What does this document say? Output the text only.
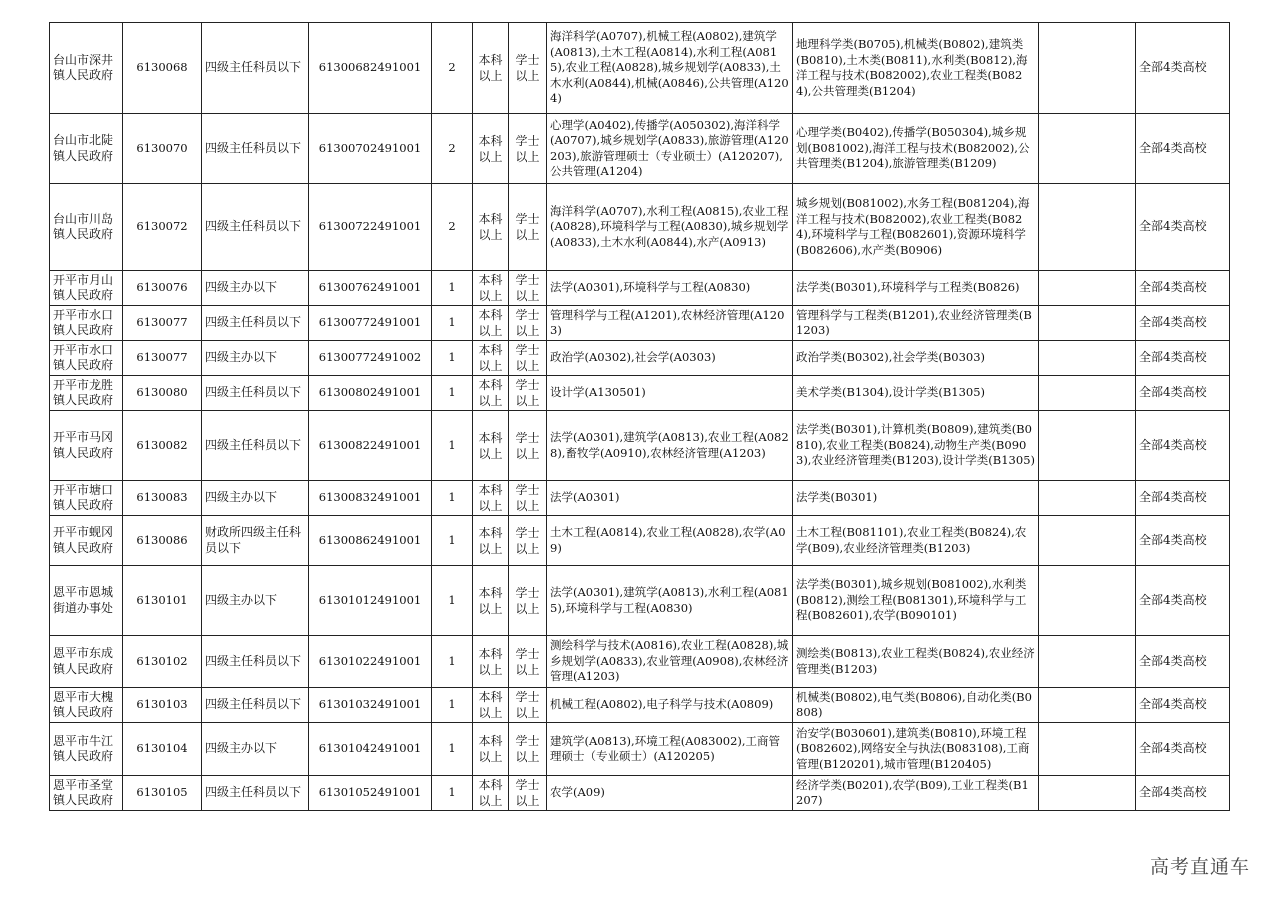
台山市深井镇人民政府	6130068	四级主任科员以下	61300682491001	2	本科以上	学士以上	海洋科学(A0707),机械工程(A0802),建筑学(A0813),土木工程(A0814),水利工程(A0815),农业工程(A0828),城乡规划学(A0833),土木水利(A0844),机械(A0846),公共管理(A1204)	地理科学类(B0705),机械类(B0802),建筑类(B0810),土木类(B0811),水利类(B0812),海洋工程与技术(B082002),农业工程类(B0824),公共管理类(B1204)		全部4类高校
台山市北陡镇人民政府	6130070	四级主任科员以下	61300702491001	2	本科以上	学士以上	心理学(A0402),传播学(A050302),海洋科学(A0707),城乡规划学(A0833),旅游管理(A120203),旅游管理硕士（专业硕士）(A120207),公共管理(A1204)	心理学类(B0402),传播学(B050304),城乡规划(B081002),海洋工程与技术(B082002),公共管理类(B1204),旅游管理类(B1209)		全部4类高校
台山市川岛镇人民政府	6130072	四级主任科员以下	61300722491001	2	本科以上	学士以上	海洋科学(A0707),水利工程(A0815),农业工程(A0828),环境科学与工程(A0830),城乡规划学(A0833),土木水利(A0844),水产(A0913)	城乡规划(B081002),水务工程(B081204),海洋工程与技术(B082002),农业工程类(B0824),环境科学与工程(B082601),资源环境科学(B082606),水产类(B0906)		全部4类高校
开平市月山镇人民政府	6130076	四级主办以下	61300762491001	1	本科以上	学士以上	法学(A0301),环境科学与工程(A0830)	法学类(B0301),环境科学与工程类(B0826)		全部4类高校
开平市水口镇人民政府	6130077	四级主任科员以下	61300772491001	1	本科以上	学士以上	管理科学与工程(A1201),农林经济管理(A1203)	管理科学与工程类(B1201),农业经济管理类(B1203)		全部4类高校
开平市水口镇人民政府	6130077	四级主办以下	61300772491002	1	本科以上	学士以上	政治学(A0302),社会学(A0303)	政治学类(B0302),社会学类(B0303)		全部4类高校
开平市龙胜镇人民政府	6130080	四级主任科员以下	61300802491001	1	本科以上	学士以上	设计学(A130501)	美术学类(B1304),设计学类(B1305)		全部4类高校
开平市马冈镇人民政府	6130082	四级主任科员以下	61300822491001	1	本科以上	学士以上	法学(A0301),建筑学(A0813),农业工程(A0828),畜牧学(A0910),农林经济管理(A1203)	法学类(B0301),计算机类(B0809),建筑类(B0810),农业工程类(B0824),动物生产类(B0903),农业经济管理类(B1203),设计学类(B1305)		全部4类高校
开平市塘口镇人民政府	6130083	四级主办以下	61300832491001	1	本科以上	学士以上	法学(A0301)	法学类(B0301)		全部4类高校
开平市蚬冈镇人民政府	6130086	财政所四级主任科员以下	61300862491001	1	本科以上	学士以上	土木工程(A0814),农业工程(A0828),农学(A09)	土木工程(B081101),农业工程类(B0824),农学(B09),农业经济管理类(B1203)		全部4类高校
恩平市恩城街道办事处	6130101	四级主办以下	61301012491001	1	本科以上	学士以上	法学(A0301),建筑学(A0813),水利工程(A0815),环境科学与工程(A0830)	法学类(B0301),城乡规划(B081002),水利类(B0812),测绘工程(B081301),环境科学与工程(B082601),农学(B090101)		全部4类高校
恩平市东成镇人民政府	6130102	四级主任科员以下	61301022491001	1	本科以上	学士以上	测绘科学与技术(A0816),农业工程(A0828),城乡规划学(A0833),农业管理(A0908),农林经济管理(A1203)	测绘类(B0813),农业工程类(B0824),农业经济管理类(B1203)		全部4类高校
恩平市大槐镇人民政府	6130103	四级主任科员以下	61301032491001	1	本科以上	学士以上	机械工程(A0802),电子科学与技术(A0809)	机械类(B0802),电气类(B0806),自动化类(B0808)		全部4类高校
恩平市牛江镇人民政府	6130104	四级主办以下	61301042491001	1	本科以上	学士以上	建筑学(A0813),环境工程(A083002),工商管理硕士（专业硕士）(A120205)	治安学(B030601),建筑类(B0810),环境工程(B082602),网络安全与执法(B083108),工商管理(B120201),城市管理(B120405)		全部4类高校
恩平市圣堂镇人民政府	6130105	四级主任科员以下	61301052491001	1	本科以上	学士以上	农学(A09)	经济学类(B0201),农学(B09),工业工程类(B1207)		全部4类高校
高考直通车
